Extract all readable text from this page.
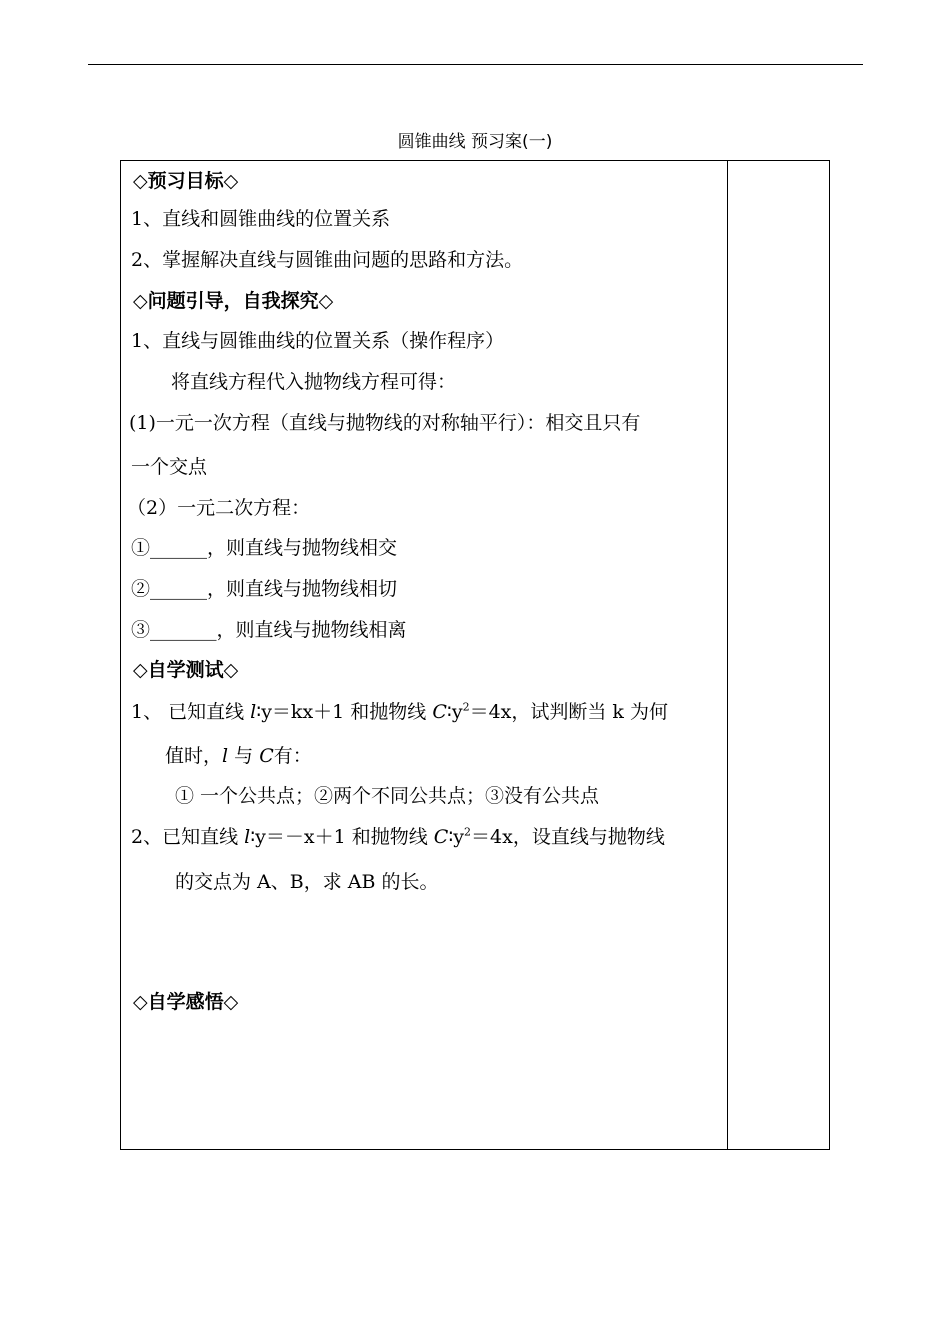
圆锥曲线 预习案(一)
◇预习目标◇
1、直线和圆锥曲线的位置关系
2、掌握解决直线与圆锥曲问题的思路和方法。
◇问题引导，自我探究◇
1、直线与圆锥曲线的位置关系（操作程序）
将直线方程代入抛物线方程可得：
(1)一元一次方程（直线与抛物线的对称轴平行）：相交且只有
一个交点
（2）一元二次方程：
①______，则直线与抛物线相交
②______，则直线与抛物线相切
③_______，则直线与抛物线相离
◇自学测试◇
1、 已知直线 l∶y＝kx＋1 和抛物线 $C∶y^2=4x$，试判断当 k 为何
值时，l 与 C有：
① 一个公共点；②两个不同公共点；③没有公共点
2、已知直线 l∶y＝－x＋1 和抛物线 $C∶y^2=4x$，设直线与抛物线
的交点为 A、B，求 AB 的长。
◇自学感悟◇
